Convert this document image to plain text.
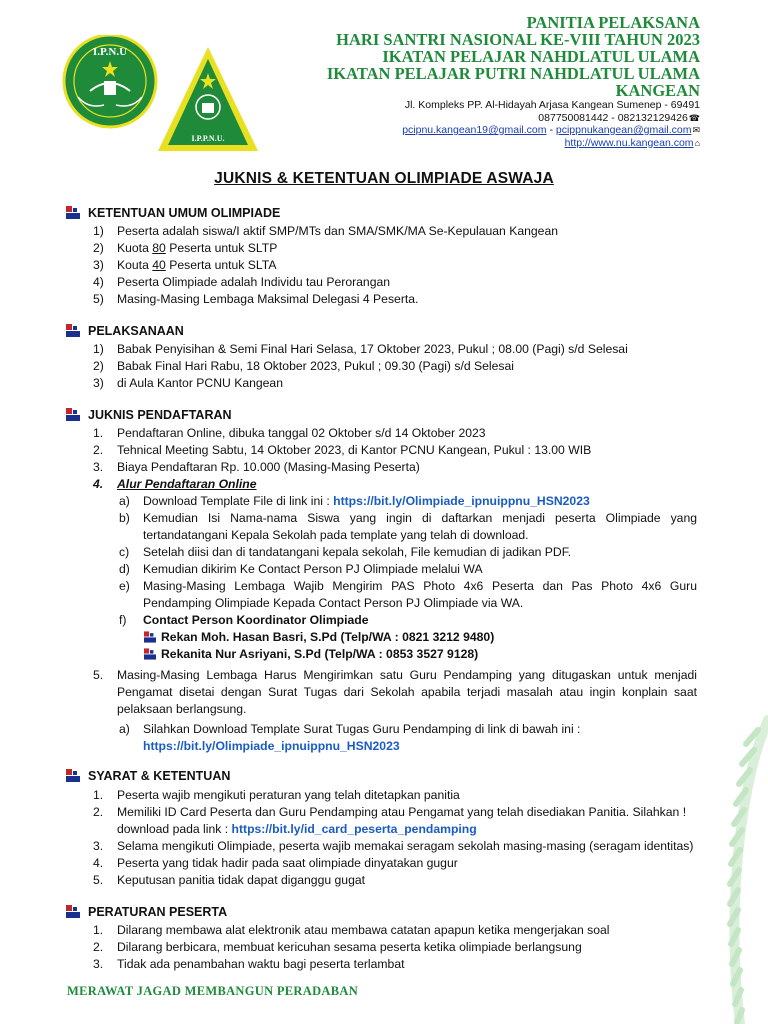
I.P.N.U
I.P.P.N.U.
PANITIA PELAKSANA
HARI SANTRI NASIONAL KE-VIII TAHUN 2023
IKATAN PELAJAR NAHDLATUL ULAMA
IKATAN PELAJAR PUTRI NAHDLATUL ULAMA
KANGEAN
Jl. Kompleks PP. Al-Hidayah Arjasa Kangean Sumenep - 69491
087750081442 - 082132129426☎
pcipnu.kangean19@gmail.com - pcippnukangean@gmail.com✉
http://www.nu.kangean.com⌂
JUKNIS & KETENTUAN OLIMPIADE ASWAJA
KETENTUAN UMUM OLIMPIADE
1)	Peserta adalah siswa/I aktif SMP/MTs dan SMA/SMK/MA Se-Kepulauan Kangean
2)	Kuota 80 Peserta untuk SLTP
3)	Kouta 40 Peserta untuk SLTA
4)	Peserta Olimpiade adalah Individu tau Perorangan
5)	Masing-Masing Lembaga Maksimal Delegasi 4 Peserta.
PELAKSANAAN
1)	Babak Penyisihan & Semi Final Hari Selasa, 17 Oktober 2023, Pukul ; 08.00 (Pagi) s/d Selesai
2)	Babak Final Hari Rabu, 18 Oktober 2023, Pukul ; 09.30 (Pagi) s/d Selesai
3)	di Aula Kantor PCNU Kangean
JUKNIS PENDAFTARAN
1.	Pendaftaran Online, dibuka tanggal 02 Oktober s/d 14 Oktober 2023
2.	Tehnical Meeting Sabtu, 14 Oktober 2023, di Kantor PCNU Kangean, Pukul : 13.00 WIB
3.	Biaya Pendaftaran Rp. 10.000 (Masing-Masing Peserta)
4.	Alur Pendaftaran Online
a) Download Template File di link ini : https://bit.ly/Olimpiade_ipnuippnu_HSN2023
b) Kemudian Isi Nama-nama Siswa yang ingin di daftarkan menjadi peserta Olimpiade yang tertandatangani Kepala Sekolah pada template yang telah di download.
c) Setelah diisi dan di tandatangani kepala sekolah, File kemudian di jadikan PDF.
d) Kemudian dikirim Ke Contact Person PJ Olimpiade melalui WA
e) Masing-Masing Lembaga Wajib Mengirim PAS Photo 4x6 Peserta dan Pas Photo 4x6 Guru Pendamping Olimpiade Kepada Contact Person PJ Olimpiade via WA.
f) Contact Person Koordinator Olimpiade
Rekan Moh. Hasan Basri, S.Pd (Telp/WA : 0821 3212 9480)
Rekanita Nur Asriyani, S.Pd (Telp/WA : 0853 3527 9128)
5.	Masing-Masing Lembaga Harus Mengirimkan satu Guru Pendamping yang ditugaskan untuk menjadi Pengamat disetai dengan Surat Tugas dari Sekolah apabila terjadi masalah atau ingin konplain saat pelaksaan berlangsung.
a) Silahkan Download Template Surat Tugas Guru Pendamping di link di bawah ini :
https://bit.ly/Olimpiade_ipnuippnu_HSN2023
SYARAT & KETENTUAN
1.	Peserta wajib mengikuti peraturan yang telah ditetapkan panitia
2.	Memiliki ID Card Peserta dan Guru Pendamping atau Pengamat yang telah disediakan Panitia. Silahkan ! download pada link : https://bit.ly/id_card_peserta_pendamping
3.	Selama mengikuti Olimpiade, peserta wajib memakai seragam sekolah masing-masing (seragam identitas)
4.	Peserta yang tidak hadir pada saat olimpiade dinyatakan gugur
5.	Keputusan panitia tidak dapat diganggu gugat
PERATURAN PESERTA
1.	Dilarang membawa alat elektronik atau membawa catatan apapun ketika mengerjakan soal
2.	Dilarang berbicara, membuat kericuhan sesama peserta ketika olimpiade berlangsung
3.	Tidak ada penambahan waktu bagi peserta terlambat
MERAWAT JAGAD MEMBANGUN PERADABAN
